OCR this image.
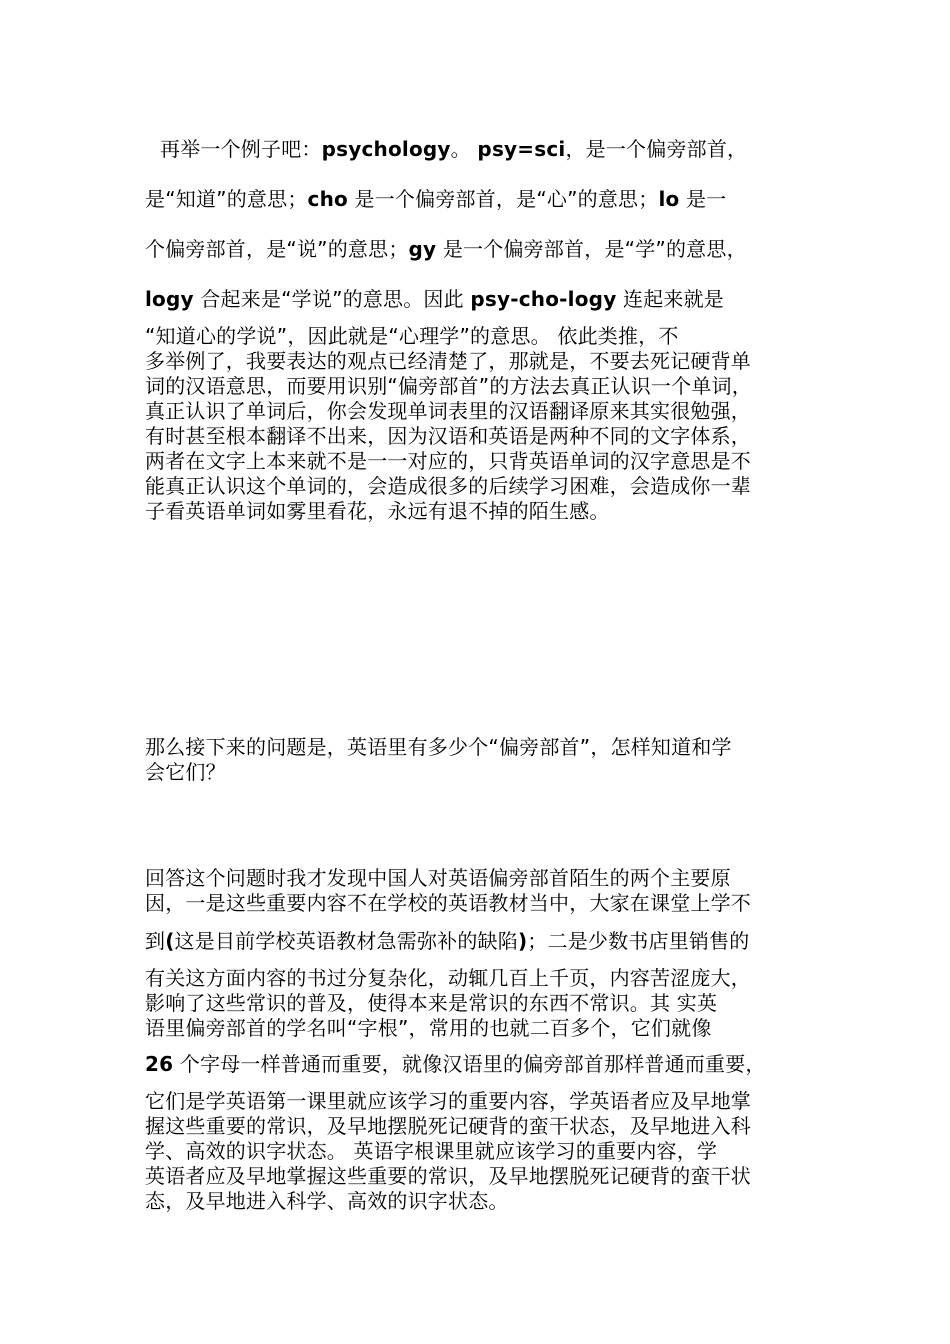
再举一个例子吧：psychology。 psy=sci，是一个偏旁部首，
是“知道”的意思；cho 是一个偏旁部首，是“心”的意思；lo 是一
个偏旁部首，是“说”的意思；gy 是一个偏旁部首，是“学”的意思，
logy 合起来是“学说”的意思。因此 psy-cho-logy 连起来就是
“知道心的学说”，因此就是“心理学”的意思。 依此类推，不
多举例了，我要表达的观点已经清楚了，那就是，不要去死记硬背单
词的汉语意思，而要用识别“偏旁部首”的方法去真正认识一个单词，
真正认识了单词后，你会发现单词表里的汉语翻译原来其实很勉强，
有时甚至根本翻译不出来，因为汉语和英语是两种不同的文字体系，
两者在文字上本来就不是一一对应的，只背英语单词的汉字意思是不
能真正认识这个单词的，会造成很多的后续学习困难，会造成你一辈
子看英语单词如雾里看花，永远有退不掉的陌生感。
那么接下来的问题是，英语里有多少个“偏旁部首”，怎样知道和学
会它们？
回答这个问题时我才发现中国人对英语偏旁部首陌生的两个主要原
因，一是这些重要内容不在学校的英语教材当中，大家在课堂上学不
到(这是目前学校英语教材急需弥补的缺陷)；二是少数书店里销售的
有关这方面内容的书过分复杂化，动辄几百上千页，内容苦涩庞大，
影响了这些常识的普及，使得本来是常识的东西不常识。其 实英
语里偏旁部首的学名叫“字根”，常用的也就二百多个，它们就像
26 个字母一样普通而重要，就像汉语里的偏旁部首那样普通而重要，
它们是学英语第一课里就应该学习的重要内容，学英语者应及早地掌
握这些重要的常识，及早地摆脱死记硬背的蛮干状态，及早地进入科
学、高效的识字状态。 英语字根课里就应该学习的重要内容，学
英语者应及早地掌握这些重要的常识，及早地摆脱死记硬背的蛮干状
态，及早地进入科学、高效的识字状态。
